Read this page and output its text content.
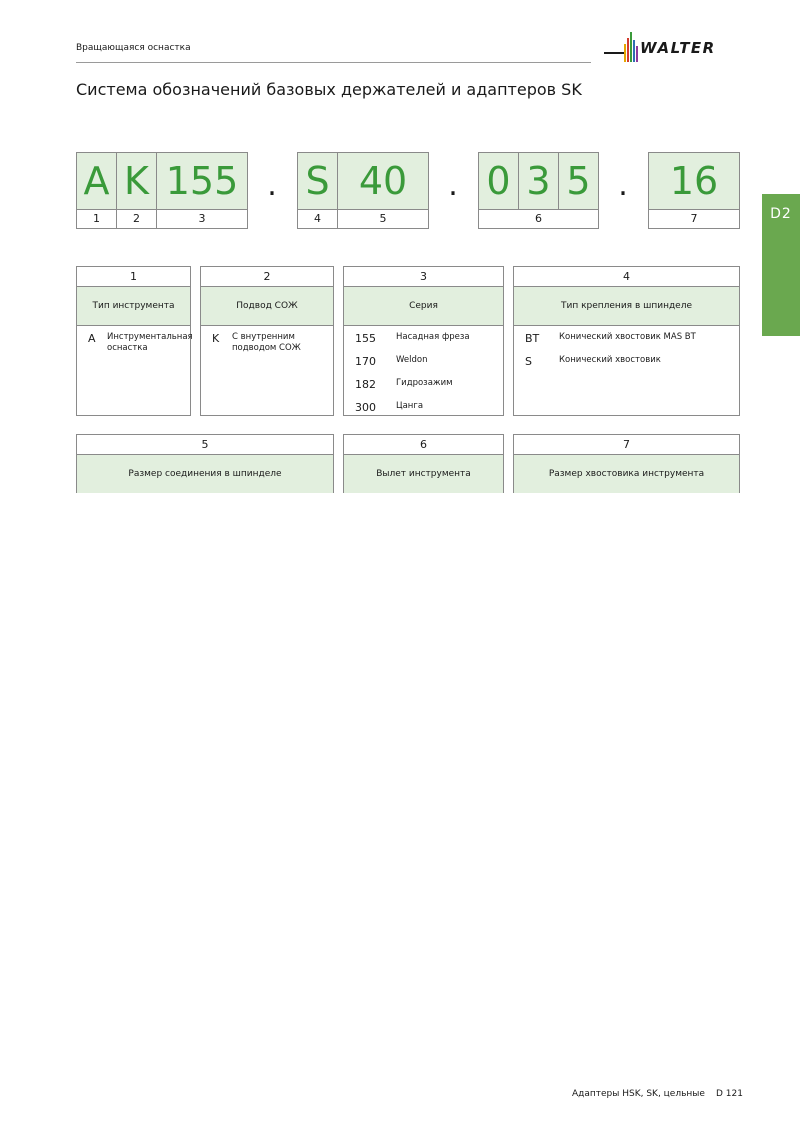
Вращающаяся оснастка	WALTER
Система обозначений базовых держателей и адаптеров SK
D2
A K 155 . S 40	. 0 3 5 .	16
1	2	3	4	5	6	7
1
Тип инструмента
A Инструментальная оснастка
2
Подвод СОЖ
K С внутренним подводом СОЖ
3
Серия
155 Насадная фреза
170 Weldon
182 Гидрозажим
300 Цанга
4
Тип крепления в шпинделе
BT Конический хвостовик MAS BT
S	Конический хвостовик
5
Размер соединения в шпинделе
6
Вылет инструмента
7
Размер хвостовика инструмента
Адаптеры HSK, SK, цельные D 121
